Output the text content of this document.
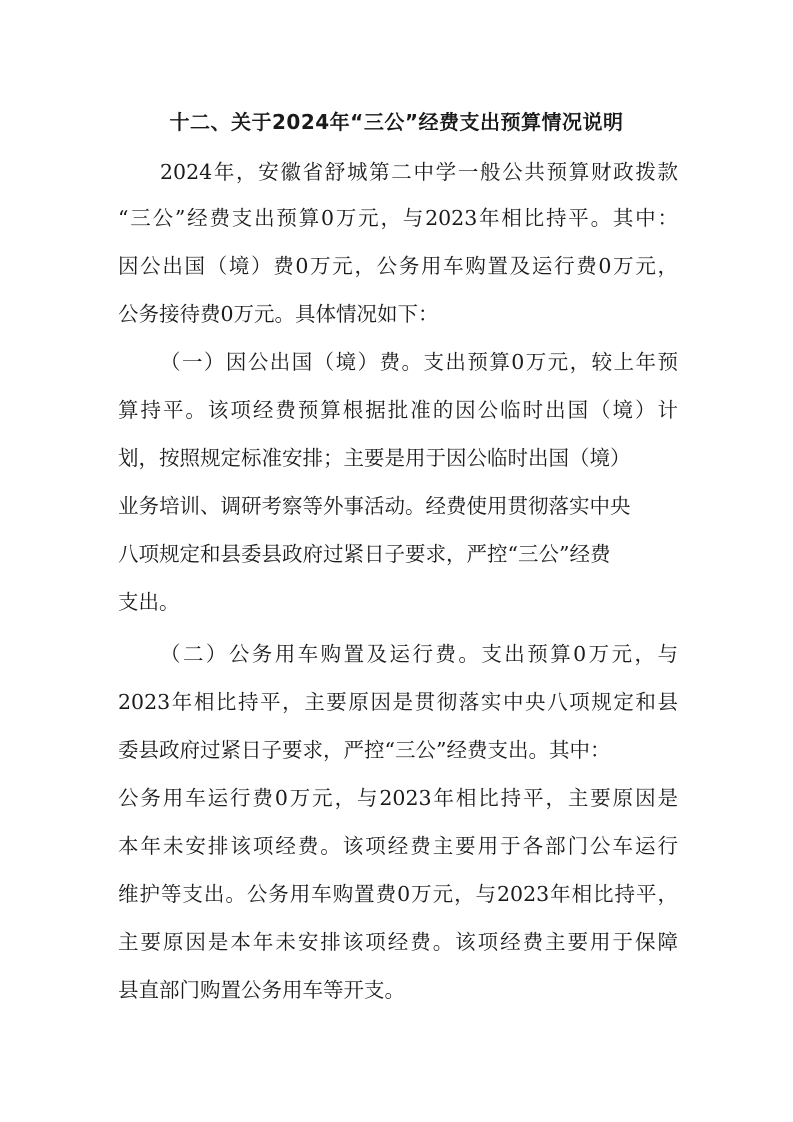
十二、关于2024年“三公”经费支出预算情况说明
2024年，安徽省舒城第二中学一般公共预算财政拨款
“三公”经费支出预算0万元，与2023年相比持平。其中：
因公出国（境）费0万元，公务用车购置及运行费0万元，
公务接待费0万元。具体情况如下：
（一）因公出国（境）费。支出预算0万元，较上年预
算持平。该项经费预算根据批准的因公临时出国（境）计
划，按照规定标准安排；主要是用于因公临时出国（境）
业务培训、调研考察等外事活动。经费使用贯彻落实中央
八项规定和县委县政府过紧日子要求，严控“三公”经费
支出。
（二）公务用车购置及运行费。支出预算0万元，与
2023年相比持平，主要原因是贯彻落实中央八项规定和县
委县政府过紧日子要求，严控“三公”经费支出。其中：
公务用车运行费0万元，与2023年相比持平，主要原因是
本年未安排该项经费。该项经费主要用于各部门公车运行
维护等支出。公务用车购置费0万元，与2023年相比持平，
主要原因是本年未安排该项经费。该项经费主要用于保障
县直部门购置公务用车等开支。
